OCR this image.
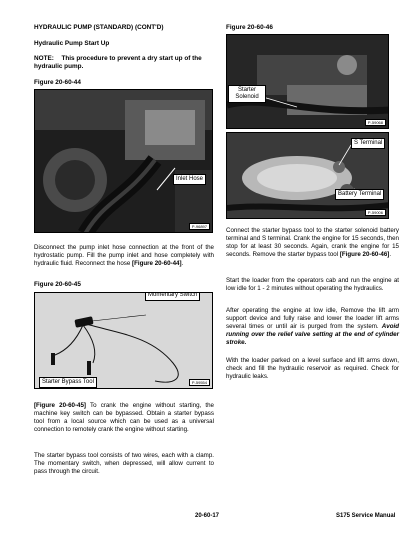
HYDRAULIC PUMP (STANDARD) (CONT'D)
Hydraulic Pump Start Up
NOTE: This procedure to prevent a dry start up of the hydraulic pump.
Figure 20-60-44
Inlet Hose
P-96897
Disconnect the pump inlet hose connection at the front of the hydrostatic pump. Fill the pump inlet and hose completely with hydraulic fluid. Reconnect the hose [Figure 20-60-44].
Figure 20-60-45
Momentary Switch
Starter Bypass Tool	P-59554
[Figure 20-60-45] To crank the engine without starting, the machine key switch can be bypassed. Obtain a starter bypass tool from a local source which can be used as a universal connection to remotely crank the engine without starting.
The starter bypass tool consists of two wires, each with a clamp. The momentary switch, when depressed, will allow current to pass through the circuit.
Figure 20-60-46
Starter Solenoid
P-59068
S Terminal
Battery Terminal
P-59006
Connect the starter bypass tool to the starter solenoid battery terminal and S terminal. Crank the engine for 15 seconds, then stop for at least 30 seconds. Again, crank the engine for 15 seconds. Remove the starter bypass tool [Figure 20-60-46].
Start the loader from the operators cab and run the engine at low idle for 1 - 2 minutes without operating the hydraulics.
After operating the engine at low idle, Remove the lift arm support device and fully raise and lower the loader lift arms several times or until air is purged from the system. Avoid running over the relief valve setting at the end of cylinder stroke.
With the loader parked on a level surface and lift arms down, check and fill the hydraulic reservoir as required. Check for hydraulic leaks.
20-60-17	S175 Service Manual
